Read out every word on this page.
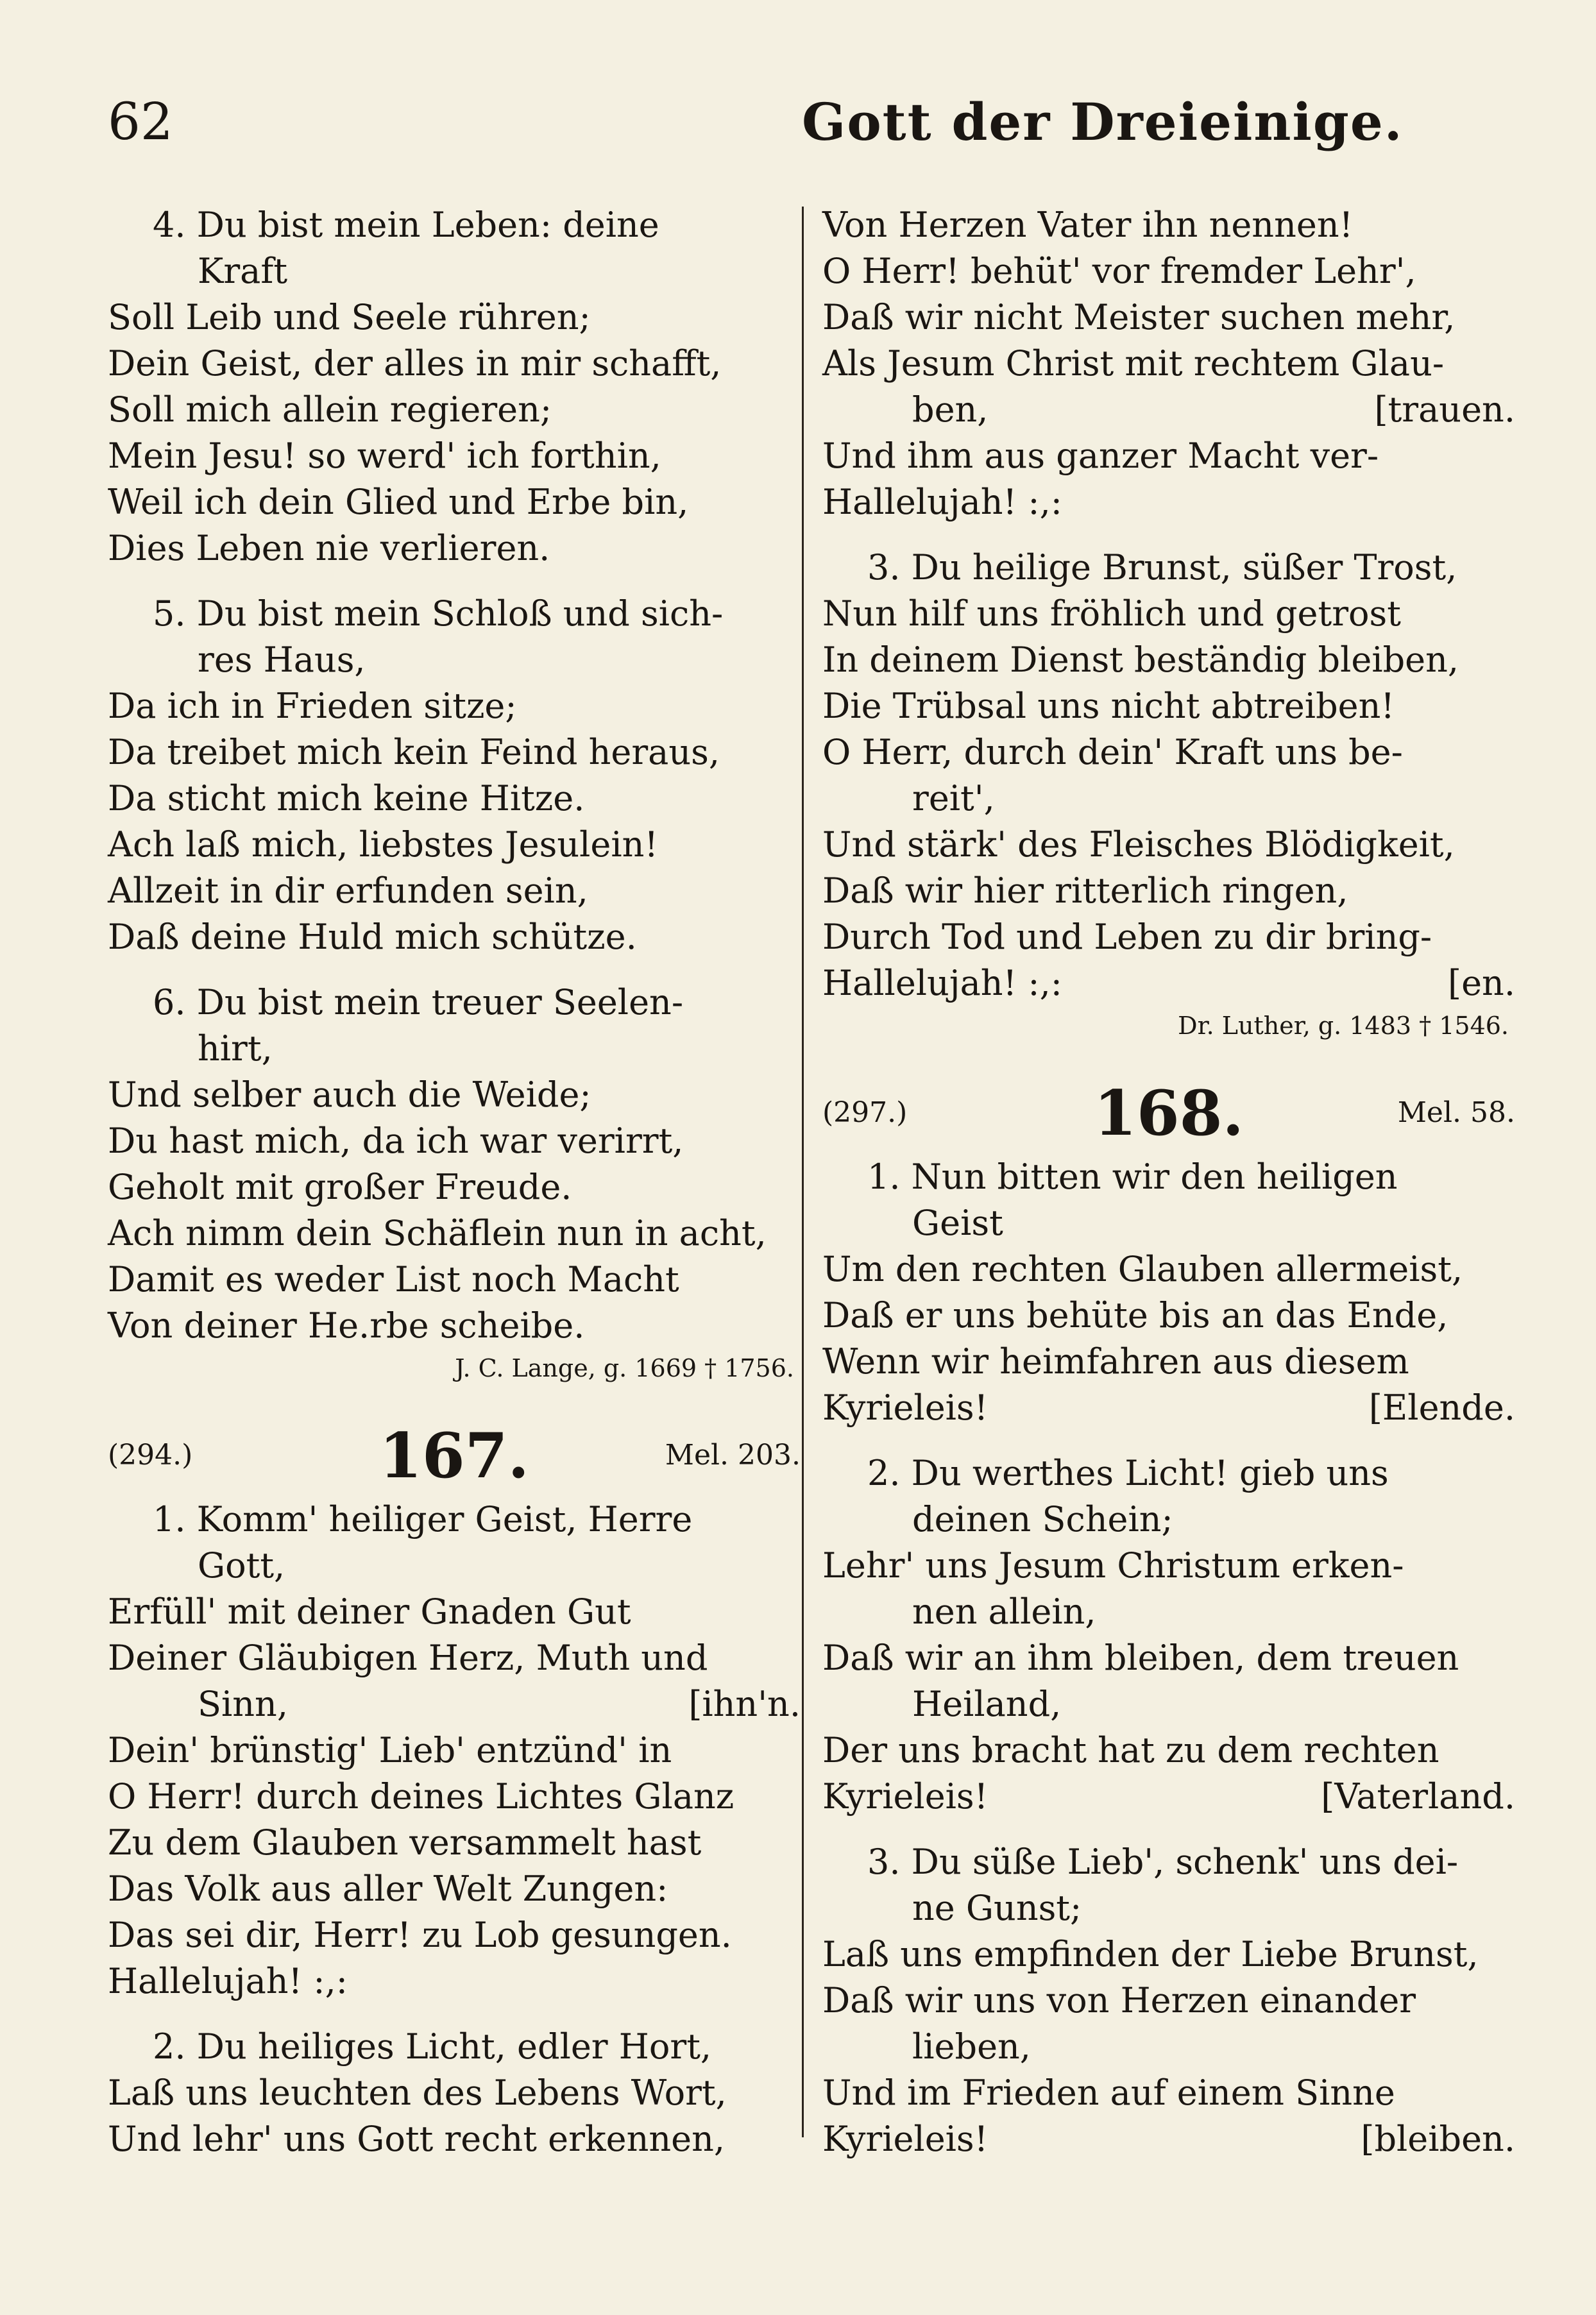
62	Gott der Dreieinige.
4. Du bist mein Leben: deine
Kraft
Soll Leib und Seele rühren;
Dein Geist, der alles in mir schafft,
Soll mich allein regieren;
Mein Jesu! so werd' ich forthin,
Weil ich dein Glied und Erbe bin,
Dies Leben nie verlieren.
5. Du bist mein Schloß und sich-
res Haus,
Da ich in Frieden sitze;
Da treibet mich kein Feind heraus,
Da sticht mich keine Hitze.
Ach laß mich, liebstes Jesulein!
Allzeit in dir erfunden sein,
Daß deine Huld mich schütze.
6. Du bist mein treuer Seelen-
hirt,
Und selber auch die Weide;
Du hast mich, da ich war verirrt,
Geholt mit großer Freude.
Ach nimm dein Schäflein nun in acht,
Damit es weder List noch Macht
Von deiner He.rbe scheibe.
J. C. Lange, g. 1669 † 1756.
(294.)	167.	Mel. 203.
1. Komm' heiliger Geist, Herre
Gott,
Erfüll' mit deiner Gnaden Gut
Deiner Gläubigen Herz, Muth und
Sinn,	[ihn'n.
Dein' brünstig' Lieb' entzünd' in
O Herr! durch deines Lichtes Glanz
Zu dem Glauben versammelt hast
Das Volk aus aller Welt Zungen:
Das sei dir, Herr! zu Lob gesungen.
Hallelujah! :,:
2. Du heiliges Licht, edler Hort,
Laß uns leuchten des Lebens Wort,
Und lehr' uns Gott recht erkennen,
Von Herzen Vater ihn nennen!
O Herr! behüt' vor fremder Lehr',
Daß wir nicht Meister suchen mehr,
Als Jesum Christ mit rechtem Glau-
ben,	[trauen.
Und ihm aus ganzer Macht ver-
Hallelujah! :,:
3. Du heilige Brunst, süßer Trost,
Nun hilf uns fröhlich und getrost
In deinem Dienst beständig bleiben,
Die Trübsal uns nicht abtreiben!
O Herr, durch dein' Kraft uns be-
reit',
Und stärk' des Fleisches Blödigkeit,
Daß wir hier ritterlich ringen,
Durch Tod und Leben zu dir bring-
Hallelujah! :,:	[en.
Dr. Luther, g. 1483 † 1546.
(297.)	168.	Mel. 58.
1. Nun bitten wir den heiligen
Geist
Um den rechten Glauben allermeist,
Daß er uns behüte bis an das Ende,
Wenn wir heimfahren aus diesem
Kyrieleis!	[Elende.
2. Du werthes Licht! gieb uns
deinen Schein;
Lehr' uns Jesum Christum erken-
nen allein,
Daß wir an ihm bleiben, dem treuen
Heiland,
Der uns bracht hat zu dem rechten
Kyrieleis!	[Vaterland.
3. Du süße Lieb', schenk' uns dei-
ne Gunst;
Laß uns empfinden der Liebe Brunst,
Daß wir uns von Herzen einander
lieben,
Und im Frieden auf einem Sinne
Kyrieleis!	[bleiben.
